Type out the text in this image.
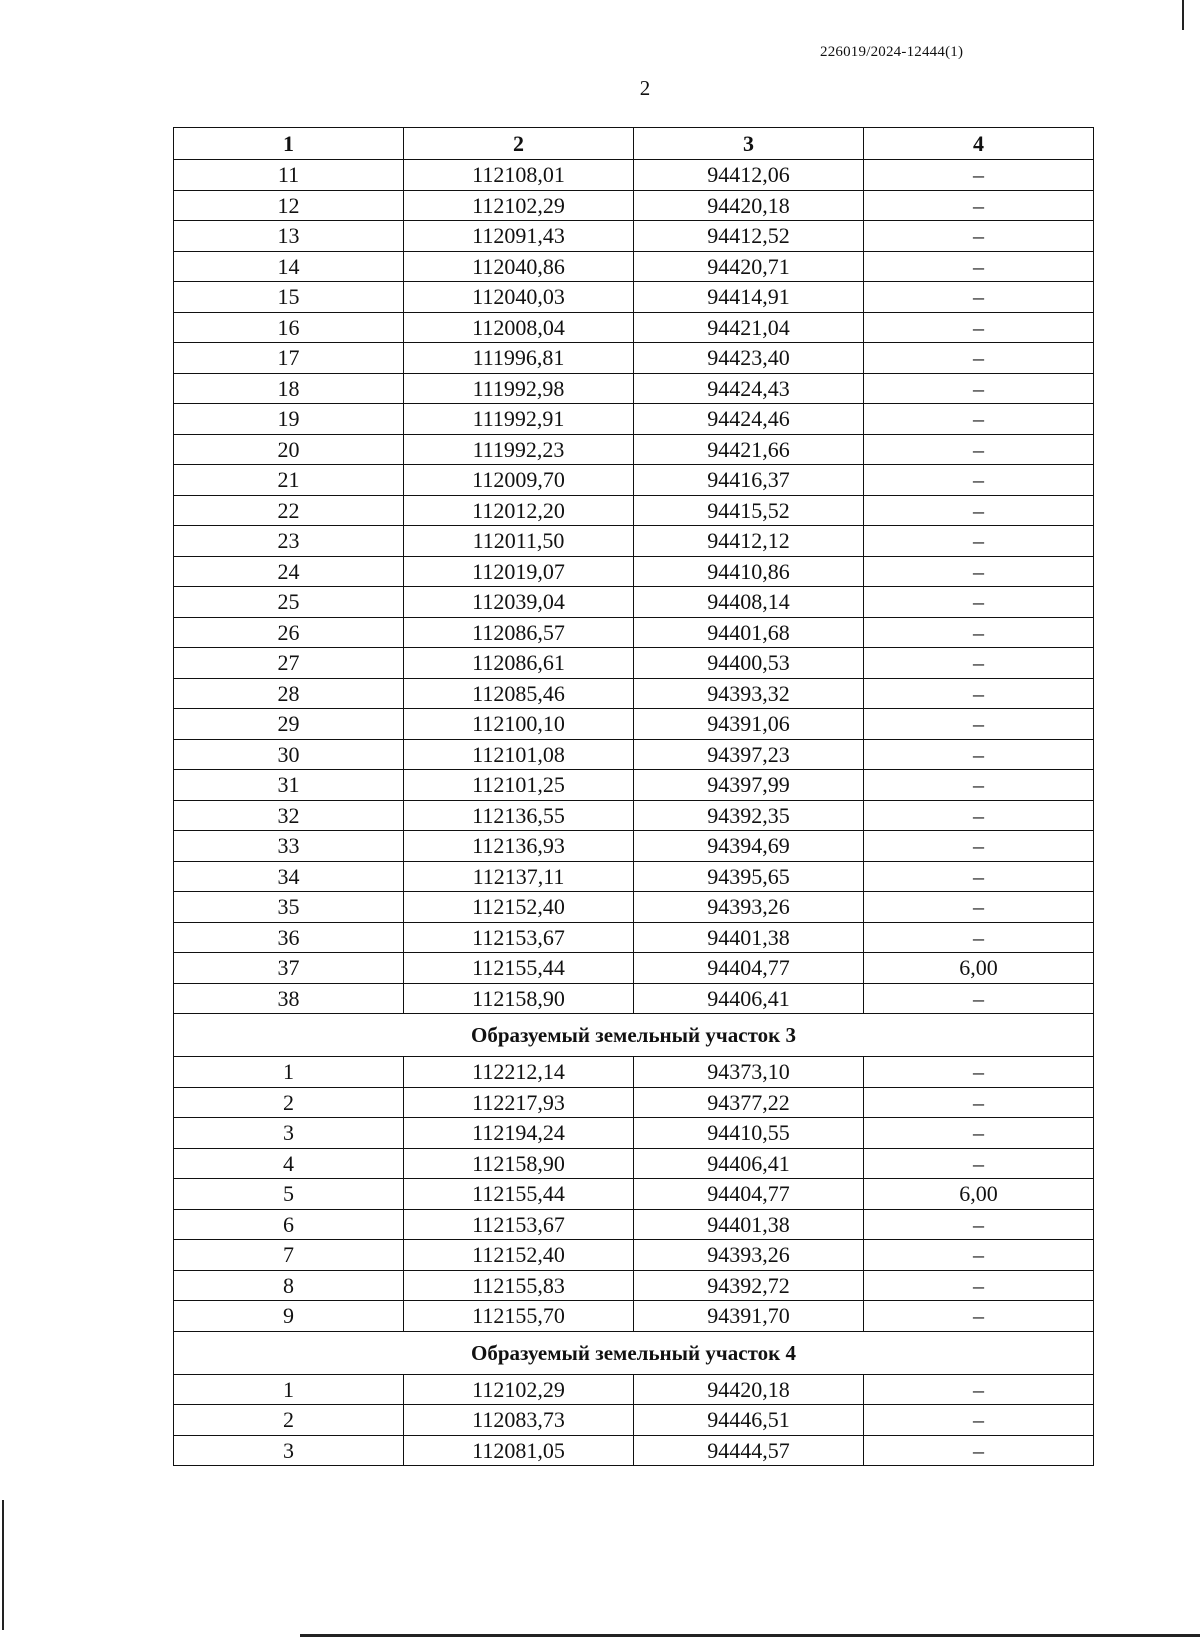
226019/2024-12444(1)
2
1	2	3	4
11	112108,01	94412,06	–
12	112102,29	94420,18	–
13	112091,43	94412,52	–
14	112040,86	94420,71	–
15	112040,03	94414,91	–
16	112008,04	94421,04	–
17	111996,81	94423,40	–
18	111992,98	94424,43	–
19	111992,91	94424,46	–
20	111992,23	94421,66	–
21	112009,70	94416,37	–
22	112012,20	94415,52	–
23	112011,50	94412,12	–
24	112019,07	94410,86	–
25	112039,04	94408,14	–
26	112086,57	94401,68	–
27	112086,61	94400,53	–
28	112085,46	94393,32	–
29	112100,10	94391,06	–
30	112101,08	94397,23	–
31	112101,25	94397,99	–
32	112136,55	94392,35	–
33	112136,93	94394,69	–
34	112137,11	94395,65	–
35	112152,40	94393,26	–
36	112153,67	94401,38	–
37	112155,44	94404,77	6,00
38	112158,90	94406,41	–
Образуемый земельный участок 3			
1	112212,14	94373,10	–
2	112217,93	94377,22	–
3	112194,24	94410,55	–
4	112158,90	94406,41	–
5	112155,44	94404,77	6,00
6	112153,67	94401,38	–
7	112152,40	94393,26	–
8	112155,83	94392,72	–
9	112155,70	94391,70	–
Образуемый земельный участок 4			
1	112102,29	94420,18	–
2	112083,73	94446,51	–
3	112081,05	94444,57	–
